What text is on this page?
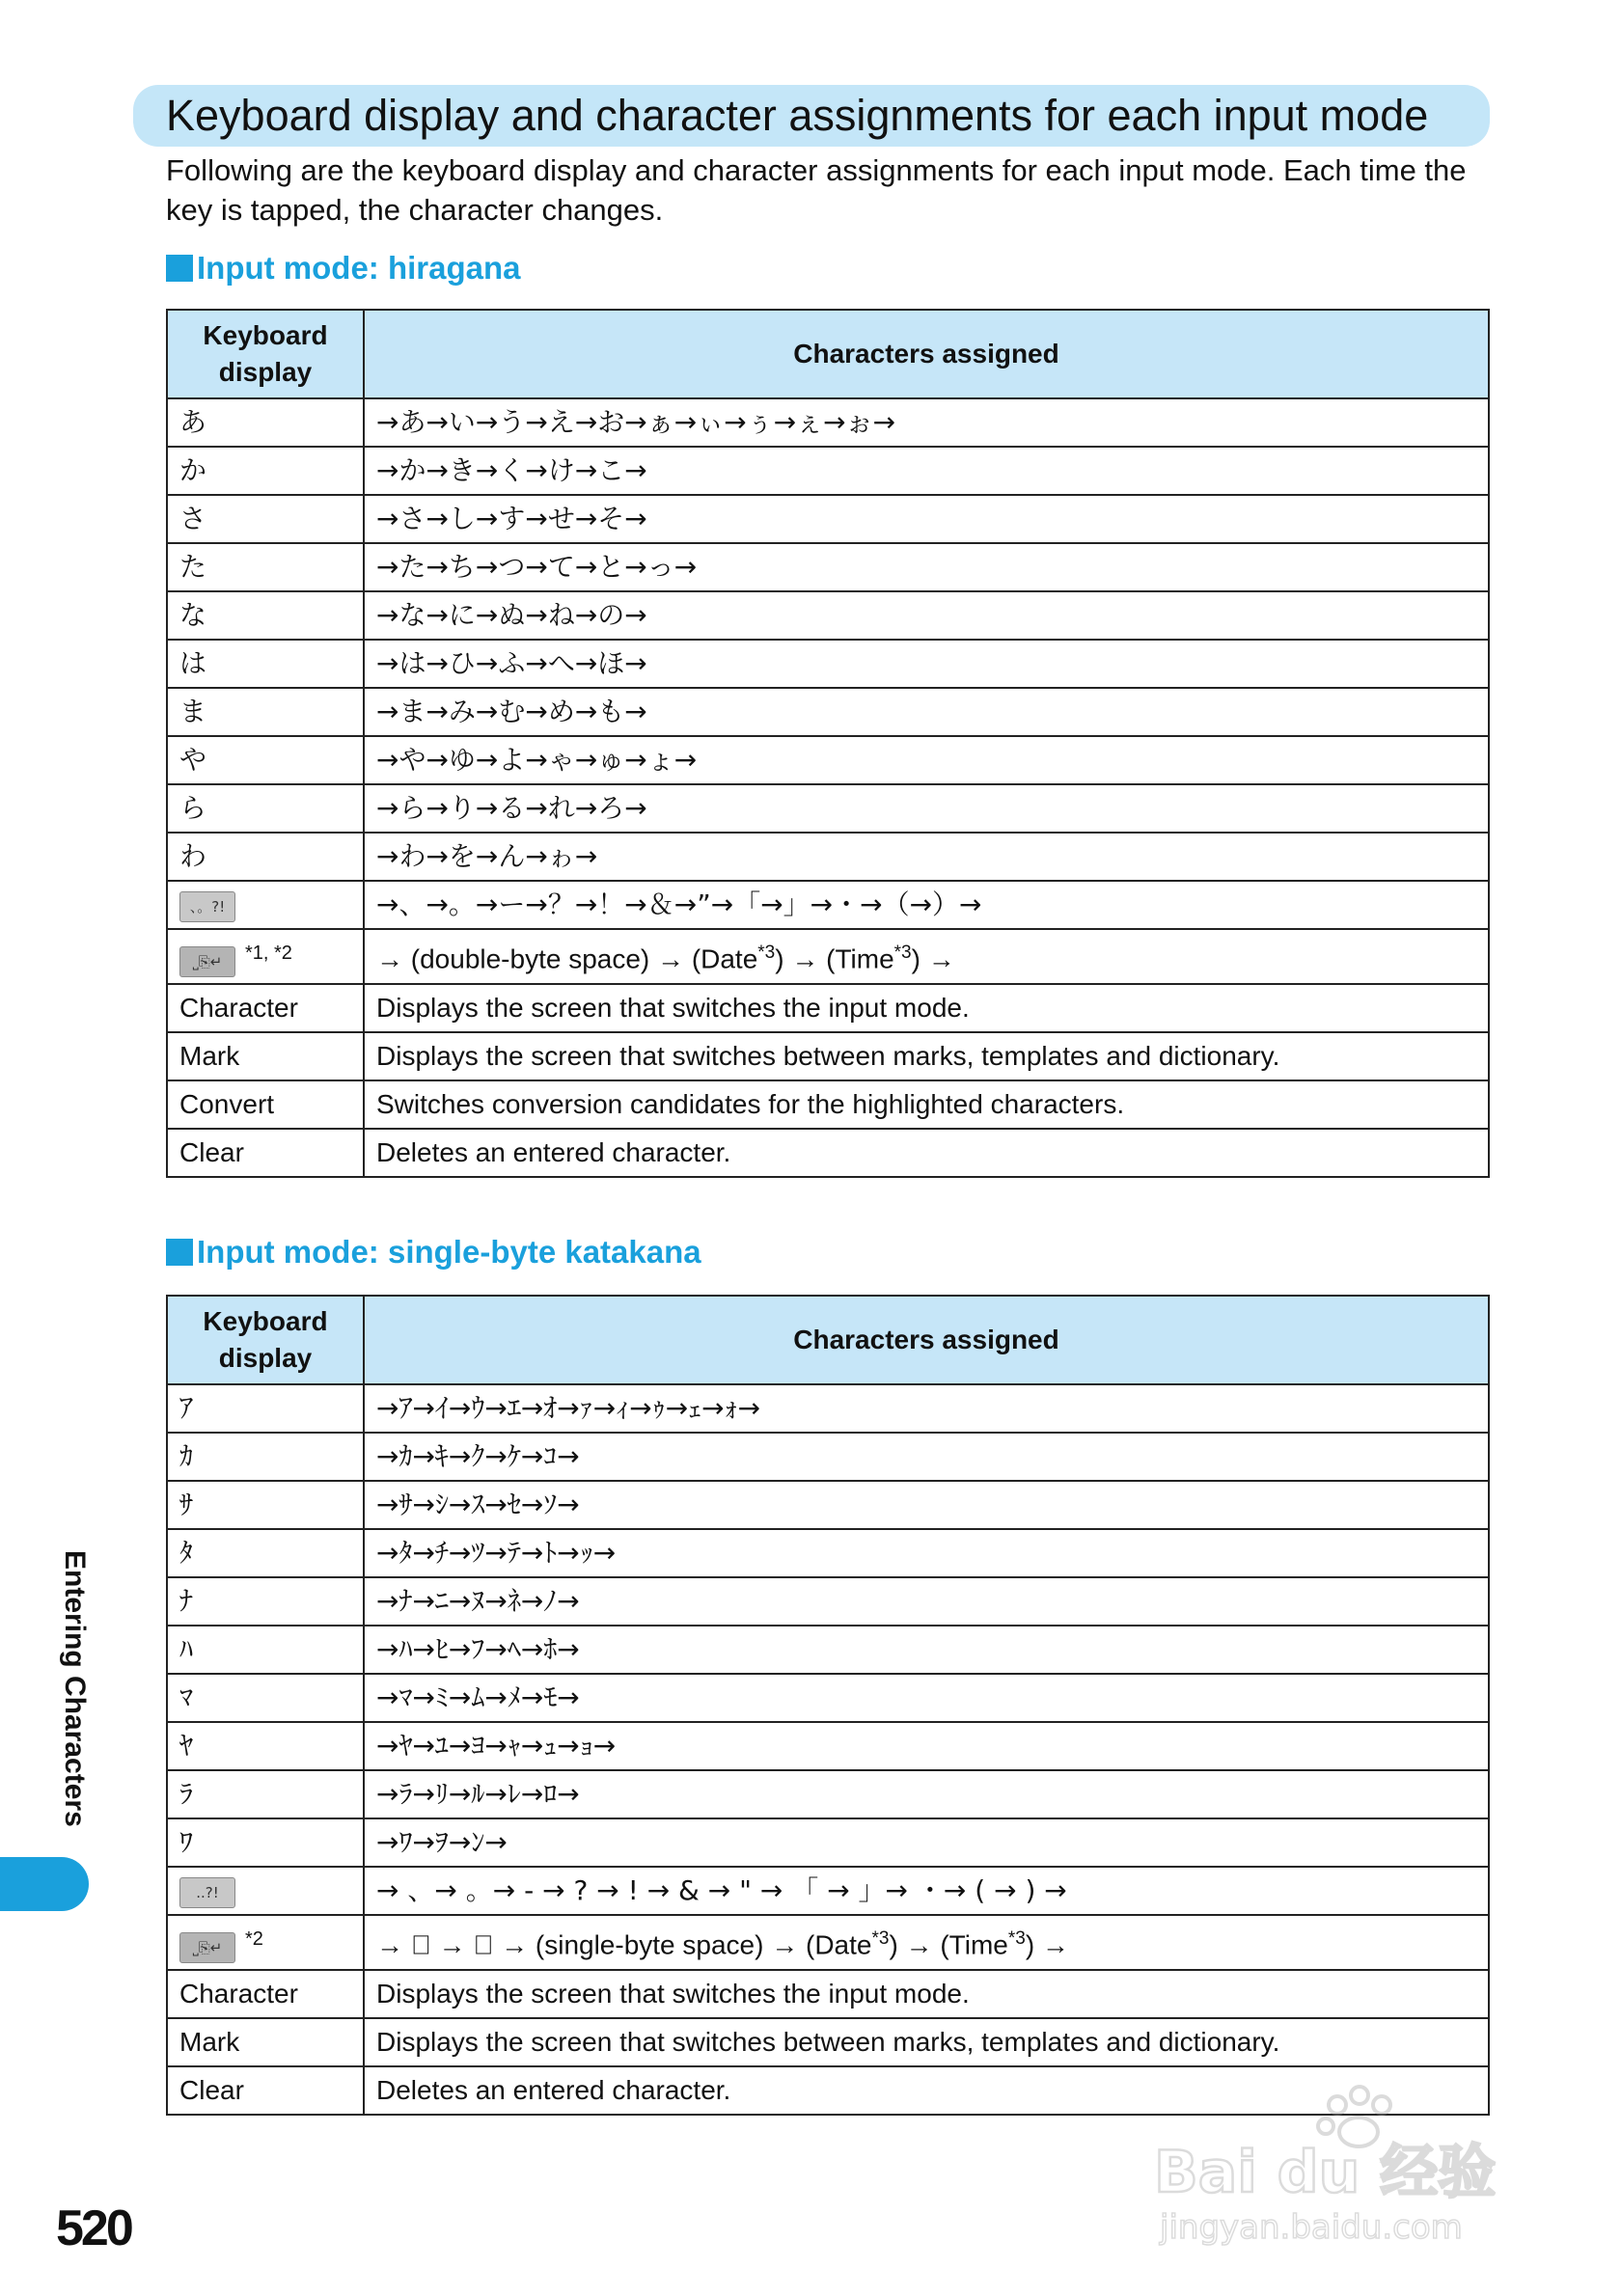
Keyboard display and character assignments for each input mode
Following are the keyboard display and character assignments for each input mode. Each time the key is tapped, the character changes.
Input mode: hiragana
Keyboard display	Characters assigned
あ	→あ→い→う→え→お→ぁ→ぃ→ぅ→ぇ→ぉ→
か	→か→き→く→け→こ→
さ	→さ→し→す→せ→そ→
た	→た→ち→つ→て→と→っ→
な	→な→に→ぬ→ね→の→
は	→は→ひ→ふ→へ→ほ→
ま	→ま→み→む→め→も→
や	→や→ゆ→よ→ゃ→ゅ→ょ→
ら	→ら→り→る→れ→ろ→
わ	→わ→を→ん→ゎ→
、。?!	→、→。→ー→？→！→＆→”→「→」→・→（→）→
⎵⎘↵ $^{*1, *2}$	→ (double-byte space) → (Date$^{*3}$) → (Time$^{*3}$) →
Character	Displays the screen that switches the input mode.
Mark	Displays the screen that switches between marks, templates and dictionary.
Convert	Switches conversion candidates for the highlighted characters.
Clear	Deletes an entered character.
Input mode: single-byte katakana
Keyboard display	Characters assigned
ｱ	→ｱ→ｲ→ｳ→ｴ→ｵ→ｧ→ｨ→ｩ→ｪ→ｫ→
ｶ	→ｶ→ｷ→ｸ→ｹ→ｺ→
ｻ	→ｻ→ｼ→ｽ→ｾ→ｿ→
ﾀ	→ﾀ→ﾁ→ﾂ→ﾃ→ﾄ→ｯ→
ﾅ	→ﾅ→ﾆ→ﾇ→ﾈ→ﾉ→
ﾊ	→ﾊ→ﾋ→ﾌ→ﾍ→ﾎ→
ﾏ	→ﾏ→ﾐ→ﾑ→ﾒ→ﾓ→
ﾔ	→ﾔ→ﾕ→ﾖ→ｬ→ｭ→ｮ→
ﾗ	→ﾗ→ﾘ→ﾙ→ﾚ→ﾛ→
ﾜ	→ﾜ→ｦ→ﾝ→
..?!	→ 、→ 。→ - → ? → ! → & → " → 「 → 」→ ・→ ( → ) →
⎵⎘↵ $^{*2}$	→ ﾞ → ﾟ → (single-byte space) → (Date$^{*3}$) → (Time$^{*3}$) →
Character	Displays the screen that switches the input mode.
Mark	Displays the screen that switches between marks, templates and dictionary.
Clear	Deletes an entered character.
Entering Characters
520
Bai du 经验
jingyan.baidu.com
